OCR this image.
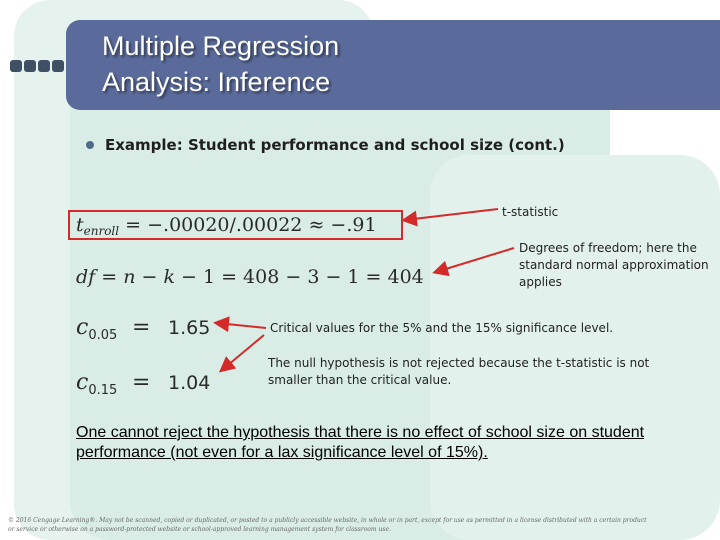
Multiple Regression
Analysis: Inference
Example: Student performance and school size (cont.)
$t_{enroll} = -.00020/.00022 \approx -.91$
df = n − k − 1 = 408 − 3 − 1 = 404
$c_{0.05} = 1.65$
$c_{0.15} = 1.04$
t-statistic
Degrees of freedom; here the standard normal approximation applies
Critical values for the 5% and the 15% significance level.
The null hypothesis is not rejected because the t-statistic is not smaller than the critical value.
One cannot reject the hypothesis that there is no effect of school size on student performance (not even for a lax significance level of 15%).
© 2016 Cengage Learning®. May not be scanned, copied or duplicated, or posted to a publicly accessible website, in whole or in part, except for use as permitted in a license distributed with a certain product or service or otherwise on a password-protected website or school-approved learning management system for classroom use.
